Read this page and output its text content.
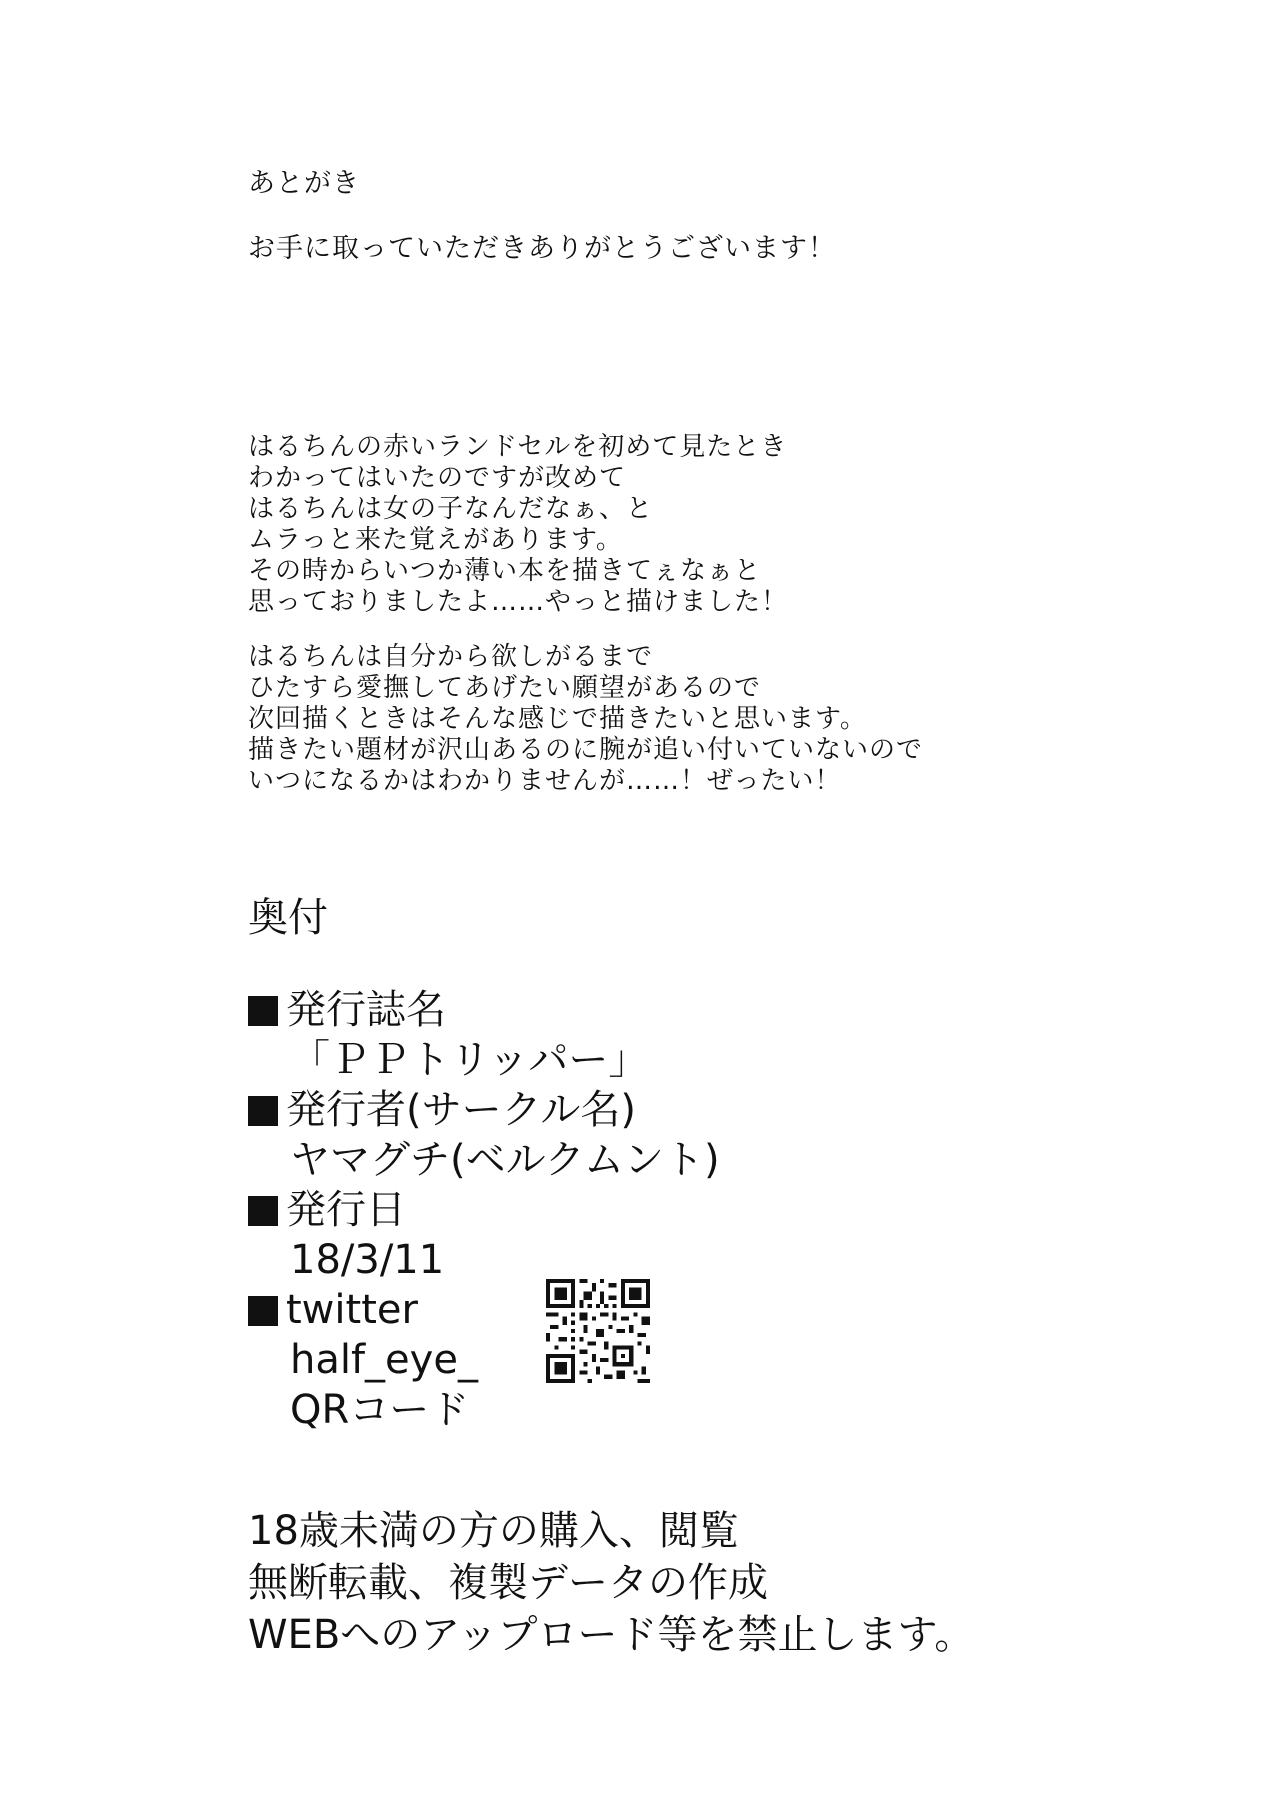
あとがき
お手に取っていただきありがとうございます！
はるちんの赤いランドセルを初めて見たとき
わかってはいたのですが改めて
はるちんは女の子なんだなぁ、と
ムラっと来た覚えがあります。
その時からいつか薄い本を描きてぇなぁと
思っておりましたよ……やっと描けました！
はるちんは自分から欲しがるまで
ひたすら愛撫してあげたい願望があるので
次回描くときはそんな感じで描きたいと思います。
描きたい題材が沢山あるのに腕が追い付いていないので
いつになるかはわかりませんが……！ぜったい！
奥付
発行誌名
「ＰＰトリッパー」
発行者(サークル名)
ヤマグチ(ベルクムント)
発行日
18/3/11
twitter
half_eye_
QRコード
18歳未満の方の購入、閲覧
無断転載、複製データの作成
WEBへのアップロード等を禁止します。
